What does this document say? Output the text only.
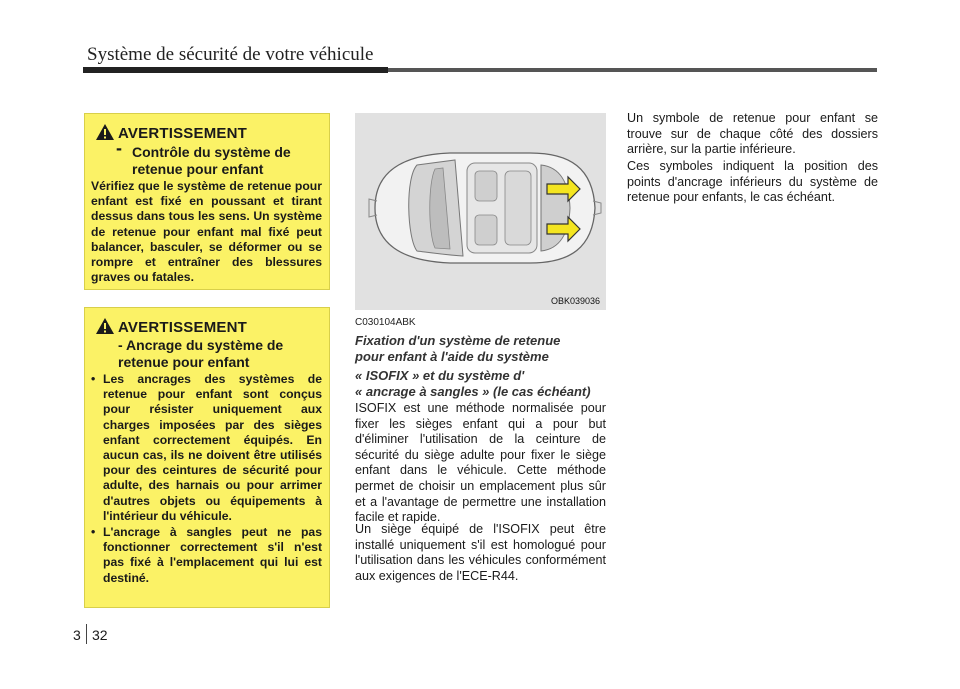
Système de sécurité de votre véhicule
AVERTISSEMENT
- Contrôle du système de retenue pour enfant
Vérifiez que le système de retenue pour enfant est fixé en poussant et tirant dessus dans tous les sens. Un système de retenue pour enfant mal fixé peut balancer, basculer, se déformer ou se rompre et entraîner des blessures graves ou fatales.
AVERTISSEMENT
- Ancrage du système de retenue pour enfant
• Les ancrages des systèmes de retenue pour enfant sont conçus pour résister uniquement aux charges imposées par des sièges enfant correctement équipés. En aucun cas, ils ne doivent être utilisés pour des ceintures de sécurité pour adulte, des harnais ou pour arrimer d'autres objets ou équipements à l'intérieur du véhicule.
• L'ancrage à sangles peut ne pas fonctionner correctement s'il n'est pas fixé à l'emplacement qui lui est destiné.
OBK039036
C030104ABK
Fixation d'un système de retenue pour enfant à l'aide du système
« ISOFIX » et du système d'
« ancrage à sangles » (le cas échéant)
ISOFIX est une méthode normalisée pour fixer les sièges enfant qui a pour but d'éliminer l'utilisation de la ceinture de sécurité du siège adulte pour fixer le siège enfant dans le véhicule. Cette méthode permet de choisir un emplacement plus sûr et a l'avantage de permettre une installation facile et rapide.
Un siège équipé de l'ISOFIX peut être installé uniquement s'il est homologué pour l'utilisation dans les véhicules conformément aux exigences de l'ECE-R44.
Un symbole de retenue pour enfant se trouve sur de chaque côté des dossiers arrière, sur la partie inférieure.
Ces symboles indiquent la position des points d'ancrage inférieurs du système de retenue pour enfants, le cas échéant.
3 32
